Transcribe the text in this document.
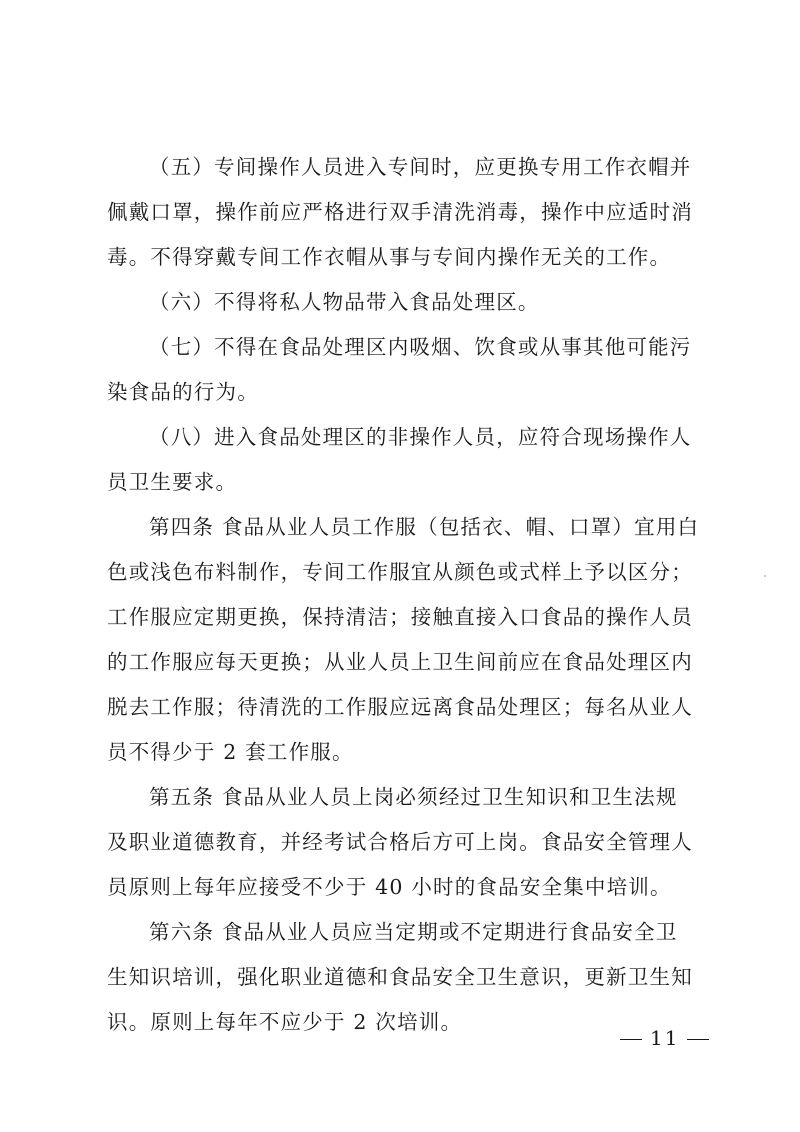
（五）专间操作人员进入专间时，应更换专用工作衣帽并
佩戴口罩，操作前应严格进行双手清洗消毒，操作中应适时消
毒。不得穿戴专间工作衣帽从事与专间内操作无关的工作。

（六）不得将私人物品带入食品处理区。

（七）不得在食品处理区内吸烟、饮食或从事其他可能污
染食品的行为。

（八）进入食品处理区的非操作人员，应符合现场操作人
员卫生要求。

第四条 食品从业人员工作服（包括衣、帽、口罩）宜用白
色或浅色布料制作，专间工作服宜从颜色或式样上予以区分；
工作服应定期更换，保持清洁；接触直接入口食品的操作人员
的工作服应每天更换；从业人员上卫生间前应在食品处理区内
脱去工作服；待清洗的工作服应远离食品处理区；每名从业人
员不得少于 2 套工作服。

第五条 食品从业人员上岗必须经过卫生知识和卫生法规
及职业道德教育，并经考试合格后方可上岗。食品安全管理人
员原则上每年应接受不少于 40 小时的食品安全集中培训。

第六条 食品从业人员应当定期或不定期进行食品安全卫
生知识培训，强化职业道德和食品安全卫生意识，更新卫生知
识。原则上每年不应少于 2 次培训。

11
